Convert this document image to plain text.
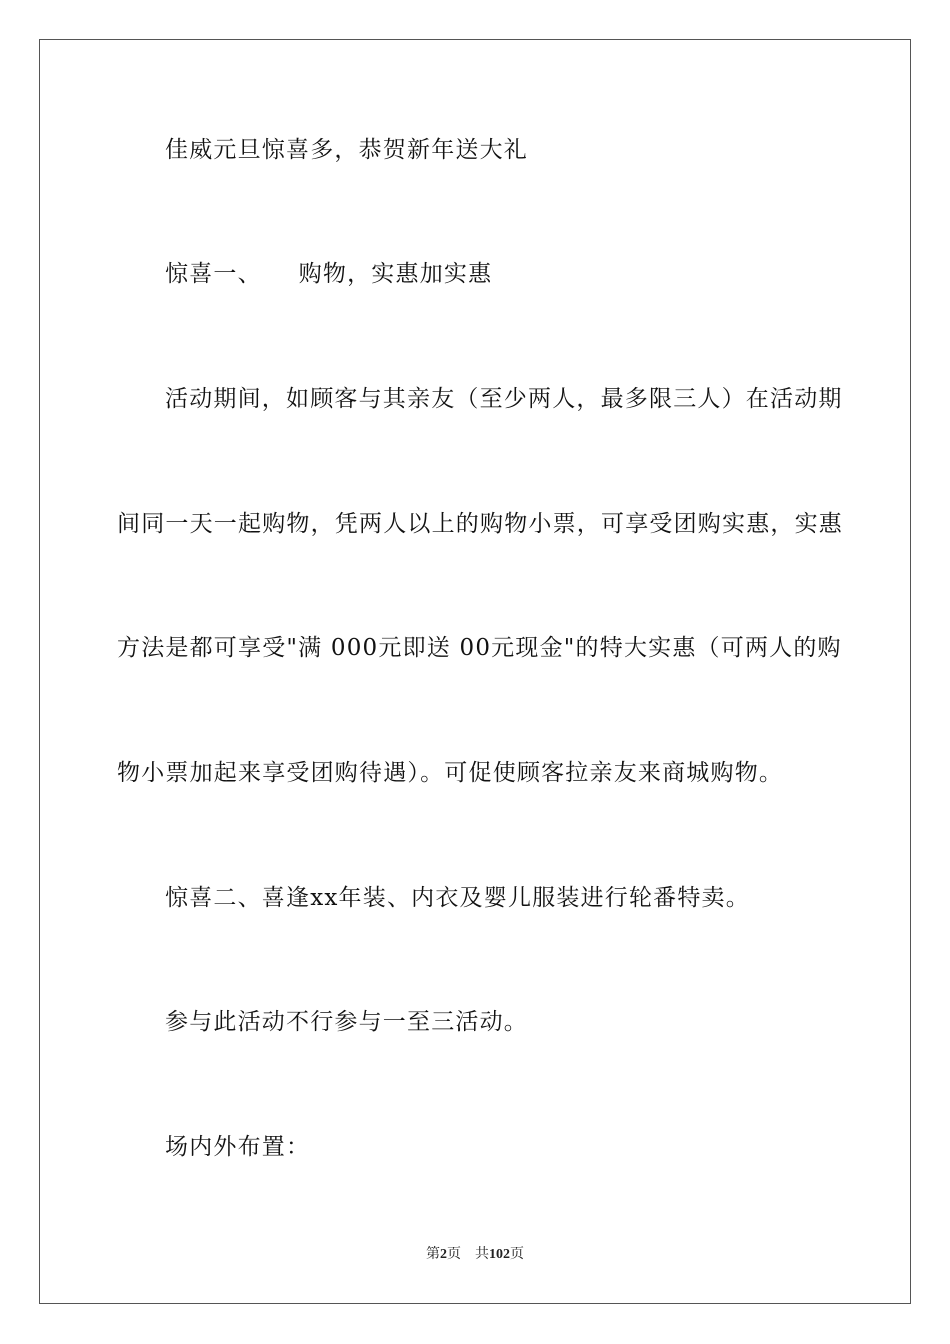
佳威元旦惊喜多，恭贺新年送大礼
惊喜一、　　购物，实惠加实惠
活动期间，如顾客与其亲友（至少两人，最多限三人）在活动期
间同一天一起购物，凭两人以上的购物小票，可享受团购实惠，实惠
方法是都可享受"满 000元即送 00元现金"的特大实惠（可两人的购
物小票加起来享受团购待遇）。可促使顾客拉亲友来商城购物。
惊喜二、喜逢xx年装、内衣及婴儿服装进行轮番特卖。
参与此活动不行参与一至三活动。
场内外布置：
第2页 共102页
